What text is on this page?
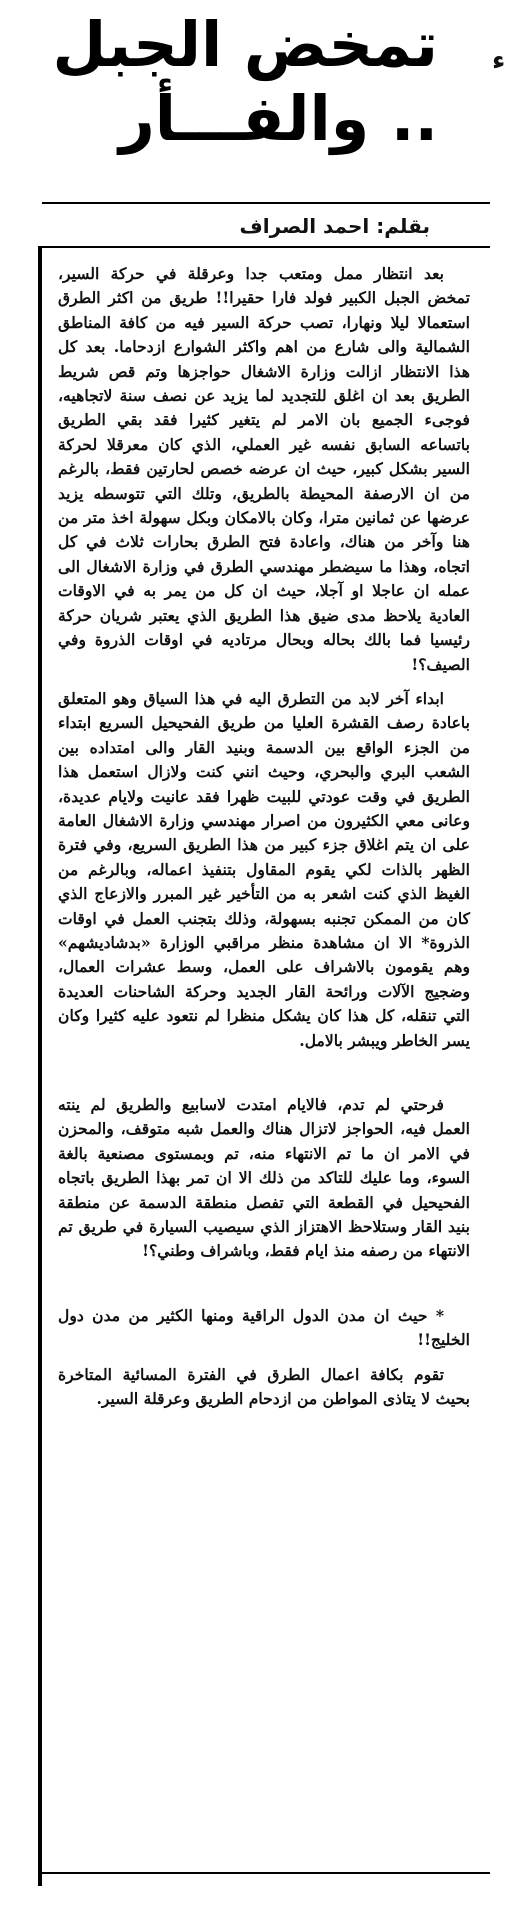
ء
تمخض الجبل
.. والفـــأر
بقلم: احمد الصراف

بعد انتظار ممل ومتعب جدا وعرقلة في حركة السير، تمخض الجبل الكبير فولد فارا حقيرا!! طريق من اكثر الطرق استعمالا ليلا ونهارا، تصب حركة السير فيه من كافة المناطق الشمالية والى شارع من اهم واكثر الشوارع ازدحاما. بعد كل هذا الانتظار ازالت وزارة الاشغال حواجزها وتم قص شريط الطريق بعد ان اغلق للتجديد لما يزيد عن نصف سنة لاتجاهيه، فوجىء الجميع بان الامر لم يتغير كثيرا فقد بقي الطريق باتساعه السابق نفسه غير العملي، الذي كان معرقلا لحركة السير بشكل كبير، حيث ان عرضه خصص لحارتين فقط، بالرغم من ان الارصفة المحيطة بالطريق، وتلك التي تتوسطه يزيد عرضها عن ثمانين مترا، وكان بالامكان وبكل سهولة اخذ متر من هنا وآخر من هناك، واعادة فتح الطرق بحارات ثلاث في كل اتجاه، وهذا ما سيضطر مهندسي الطرق في وزارة الاشغال الى عمله ان عاجلا او آجلا، حيث ان كل من يمر به في الاوقات العادية يلاحظ مدى ضيق هذا الطريق الذي يعتبر شريان حركة رئيسيا فما بالك بحاله وبحال مرتاديه في اوقات الذروة وفي الصيف؟!

ابداء آخر لابد من التطرق اليه في هذا السياق وهو المتعلق باعادة رصف القشرة العليا من طريق الفحيحيل السريع ابتداء من الجزء الواقع بين الدسمة وبنيد القار والى امتداده بين الشعب البري والبحري، وحيث انني كنت ولازال استعمل هذا الطريق في وقت عودتي للبيت ظهرا فقد عانيت ولايام عديدة، وعانى معي الكثيرون من اصرار مهندسي وزارة الاشغال العامة على ان يتم اغلاق جزء كبير من هذا الطريق السريع، وفي فترة الظهر بالذات لكي يقوم المقاول بتنفيذ اعماله، وبالرغم من الغيظ الذي كنت اشعر به من التأخير غير المبرر والازعاج الذي كان من الممكن تجنبه بسهولة، وذلك بتجنب العمل في اوقات الذروة* الا ان مشاهدة منظر مراقبي الوزارة «بدشاديشهم» وهم يقومون بالاشراف على العمل، وسط عشرات العمال، وضجيج الآلات ورائحة القار الجديد وحركة الشاحنات العديدة التي تنقله، كل هذا كان يشكل منظرا لم نتعود عليه كثيرا وكان يسر الخاطر ويبشر بالامل.

فرحتي لم تدم، فالايام امتدت لاسابيع والطريق لم ينته العمل فيه، الحواجز لاتزال هناك والعمل شبه متوقف، والمحزن في الامر ان ما تم الانتهاء منه، تم وبمستوى مصنعية بالغة السوء، وما عليك للتاكد من ذلك الا ان تمر بهذا الطريق باتجاه الفحيحيل في القطعة التي تفصل منطقة الدسمة عن منطقة بنيد القار وستلاحظ الاهتزاز الذي سيصيب السيارة في طريق تم الانتهاء من رصفه منذ ايام فقط، وباشراف وطني؟!

* حيث ان مدن الدول الراقية ومنها الكثير من مدن دول الخليج!!

تقوم بكافة اعمال الطرق في الفترة المسائية المتاخرة بحيث لا يتاذى المواطن من ازدحام الطريق وعرقلة السير.
